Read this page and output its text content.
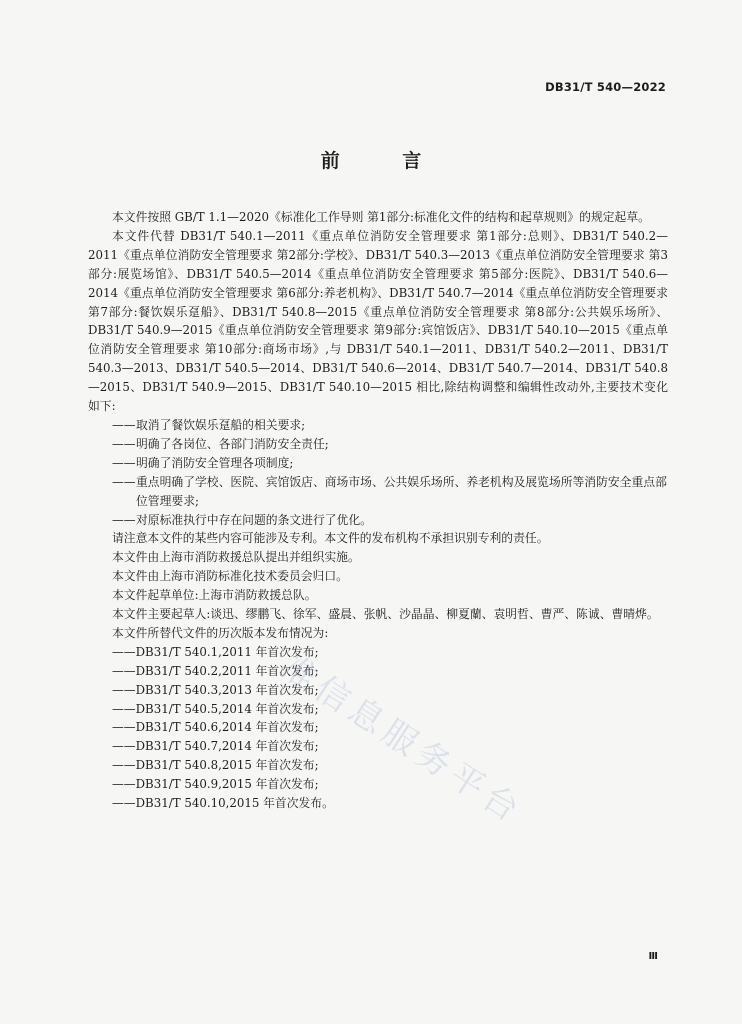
DB31/T 540—2022
前 言

本文件按照 GB/T 1.1—2020《标准化工作导则 第1部分:标准化文件的结构和起草规则》的规定起草。

本文件代替 DB31/T 540.1—2011《重点单位消防安全管理要求 第1部分:总则》、DB31/T 540.2—2011《重点单位消防安全管理要求 第2部分:学校》、DB31/T 540.3—2013《重点单位消防安全管理要求 第3部分:展览场馆》、DB31/T 540.5—2014《重点单位消防安全管理要求 第5部分:医院》、DB31/T 540.6—2014《重点单位消防安全管理要求 第6部分:养老机构》、DB31/T 540.7—2014《重点单位消防安全管理要求 第7部分:餐饮娱乐趸船》、DB31/T 540.8—2015《重点单位消防安全管理要求 第8部分:公共娱乐场所》、DB31/T 540.9—2015《重点单位消防安全管理要求 第9部分:宾馆饭店》、DB31/T 540.10—2015《重点单位消防安全管理要求 第10部分:商场市场》,与 DB31/T 540.1—2011、DB31/T 540.2—2011、DB31/T 540.3—2013、DB31/T 540.5—2014、DB31/T 540.6—2014、DB31/T 540.7—2014、DB31/T 540.8—2015、DB31/T 540.9—2015、DB31/T 540.10—2015 相比,除结构调整和编辑性改动外,主要技术变化如下:

—— 取消了餐饮娱乐趸船的相关要求;
—— 明确了各岗位、各部门消防安全责任;
—— 明确了消防安全管理各项制度;
—— 重点明确了学校、医院、宾馆饭店、商场市场、公共娱乐场所、养老机构及展览场所等消防安全重点部位管理要求;
—— 对原标准执行中存在问题的条文进行了优化。

请注意本文件的某些内容可能涉及专利。本文件的发布机构不承担识别专利的责任。

本文件由上海市消防救援总队提出并组织实施。

本文件由上海市消防标准化技术委员会归口。

本文件起草单位:上海市消防救援总队。

本文件主要起草人:谈迅、缪鹏飞、徐军、盛晨、张帆、沙晶晶、柳夏蘭、袁明哲、曹严、陈诚、曹晴烨。

本文件所替代文件的历次版本发布情况为:

——DB31/T 540.1,2011 年首次发布;

——DB31/T 540.2,2011 年首次发布;

——DB31/T 540.3,2013 年首次发布;

——DB31/T 540.5,2014 年首次发布;

——DB31/T 540.6,2014 年首次发布;

——DB31/T 540.7,2014 年首次发布;

——DB31/T 540.8,2015 年首次发布;

——DB31/T 540.9,2015 年首次发布;

——DB31/T 540.10,2015 年首次发布。

准信息服务平台
Ⅲ
